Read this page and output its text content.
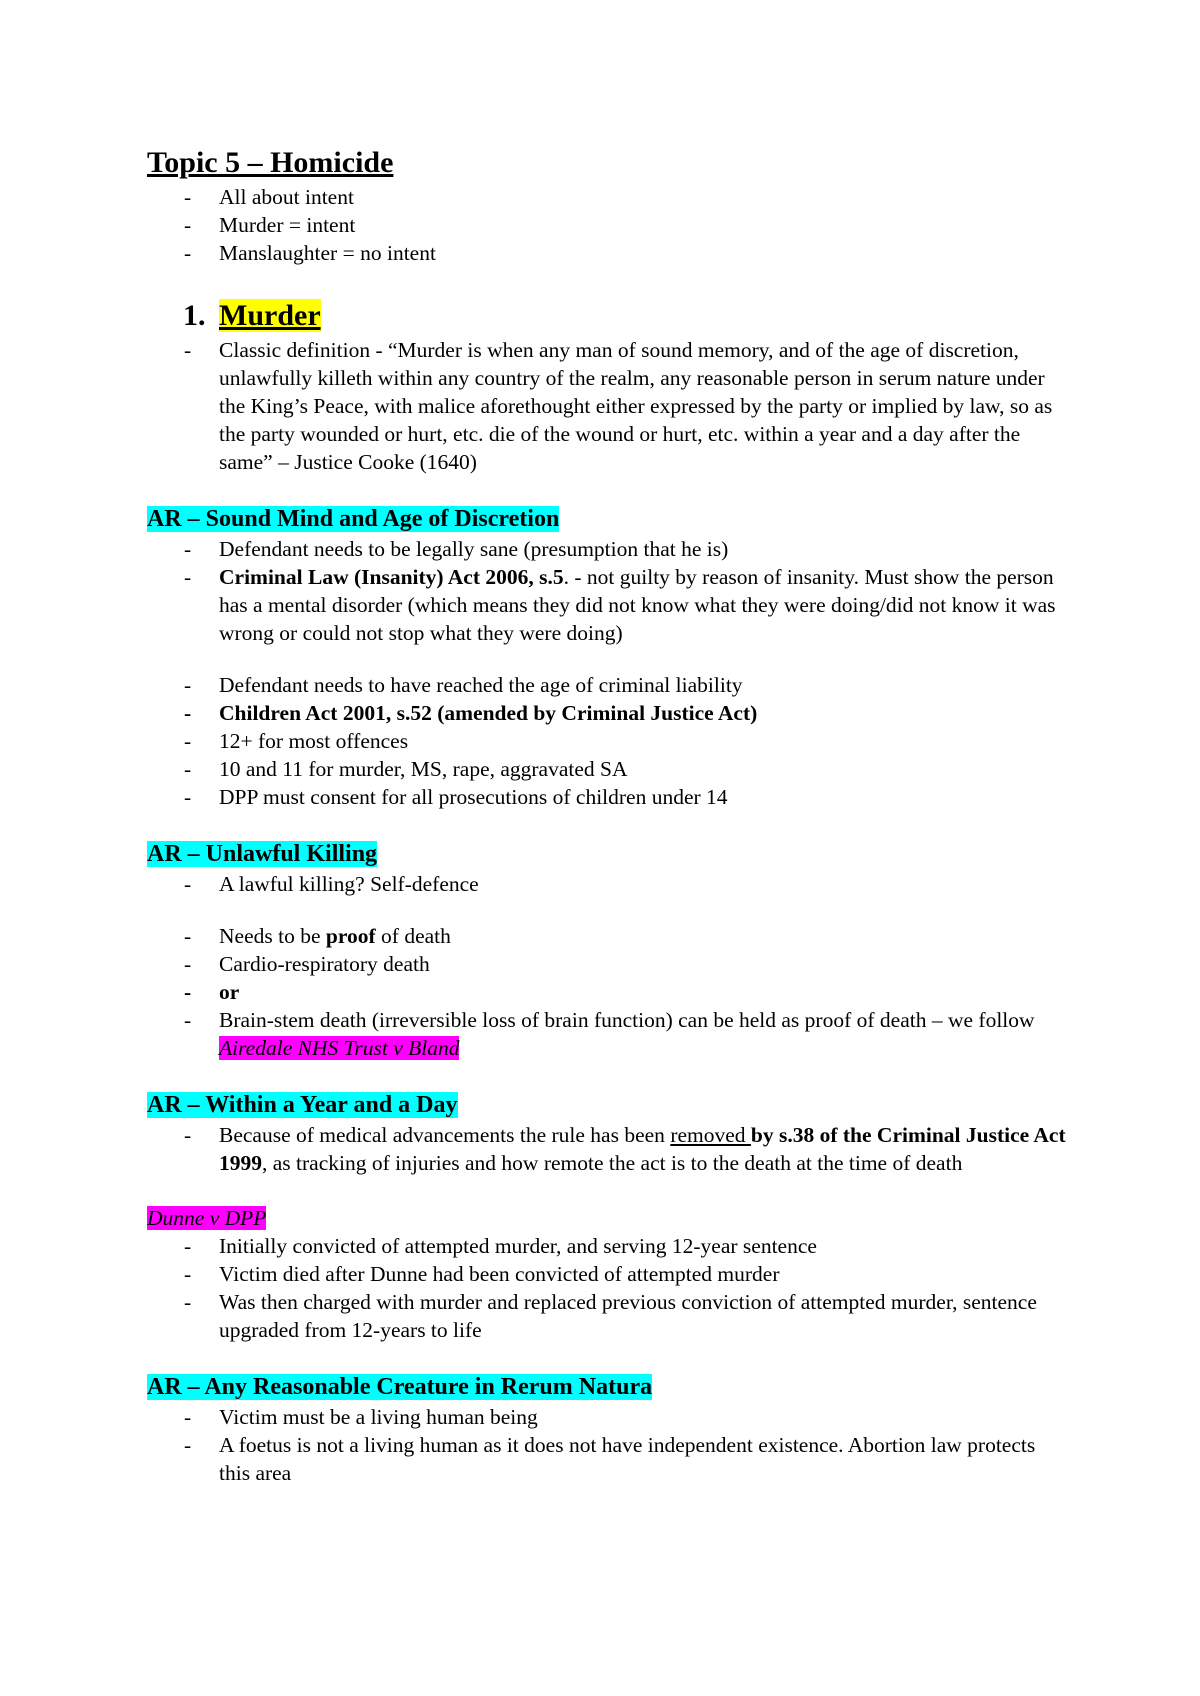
Topic 5 – Homicide
- All about intent
- Murder = intent
- Manslaughter = no intent
1. Murder
- Classic definition - “Murder is when any man of sound memory, and of the age of discretion, unlawfully killeth within any country of the realm, any reasonable person in serum nature under the King’s Peace, with malice aforethought either expressed by the party or implied by law, so as the party wounded or hurt, etc. die of the wound or hurt, etc. within a year and a day after the same” – Justice Cooke (1640)
AR – Sound Mind and Age of Discretion
- Defendant needs to be legally sane (presumption that he is)
- Criminal Law (Insanity) Act 2006, s.5. - not guilty by reason of insanity. Must show the person has a mental disorder (which means they did not know what they were doing/did not know it was wrong or could not stop what they were doing)
- Defendant needs to have reached the age of criminal liability
- Children Act 2001, s.52 (amended by Criminal Justice Act)
- 12+ for most offences
- 10 and 11 for murder, MS, rape, aggravated SA
- DPP must consent for all prosecutions of children under 14
AR – Unlawful Killing
- A lawful killing? Self-defence
- Needs to be proof of death
- Cardio-respiratory death
- or
- Brain-stem death (irreversible loss of brain function) can be held as proof of death – we follow Airedale NHS Trust v Bland
AR – Within a Year and a Day
- Because of medical advancements the rule has been removed by s.38 of the Criminal Justice Act 1999, as tracking of injuries and how remote the act is to the death at the time of death
Dunne v DPP
- Initially convicted of attempted murder, and serving 12-year sentence
- Victim died after Dunne had been convicted of attempted murder
- Was then charged with murder and replaced previous conviction of attempted murder, sentence upgraded from 12-years to life
AR – Any Reasonable Creature in Rerum Natura
- Victim must be a living human being
- A foetus is not a living human as it does not have independent existence. Abortion law protects this area
